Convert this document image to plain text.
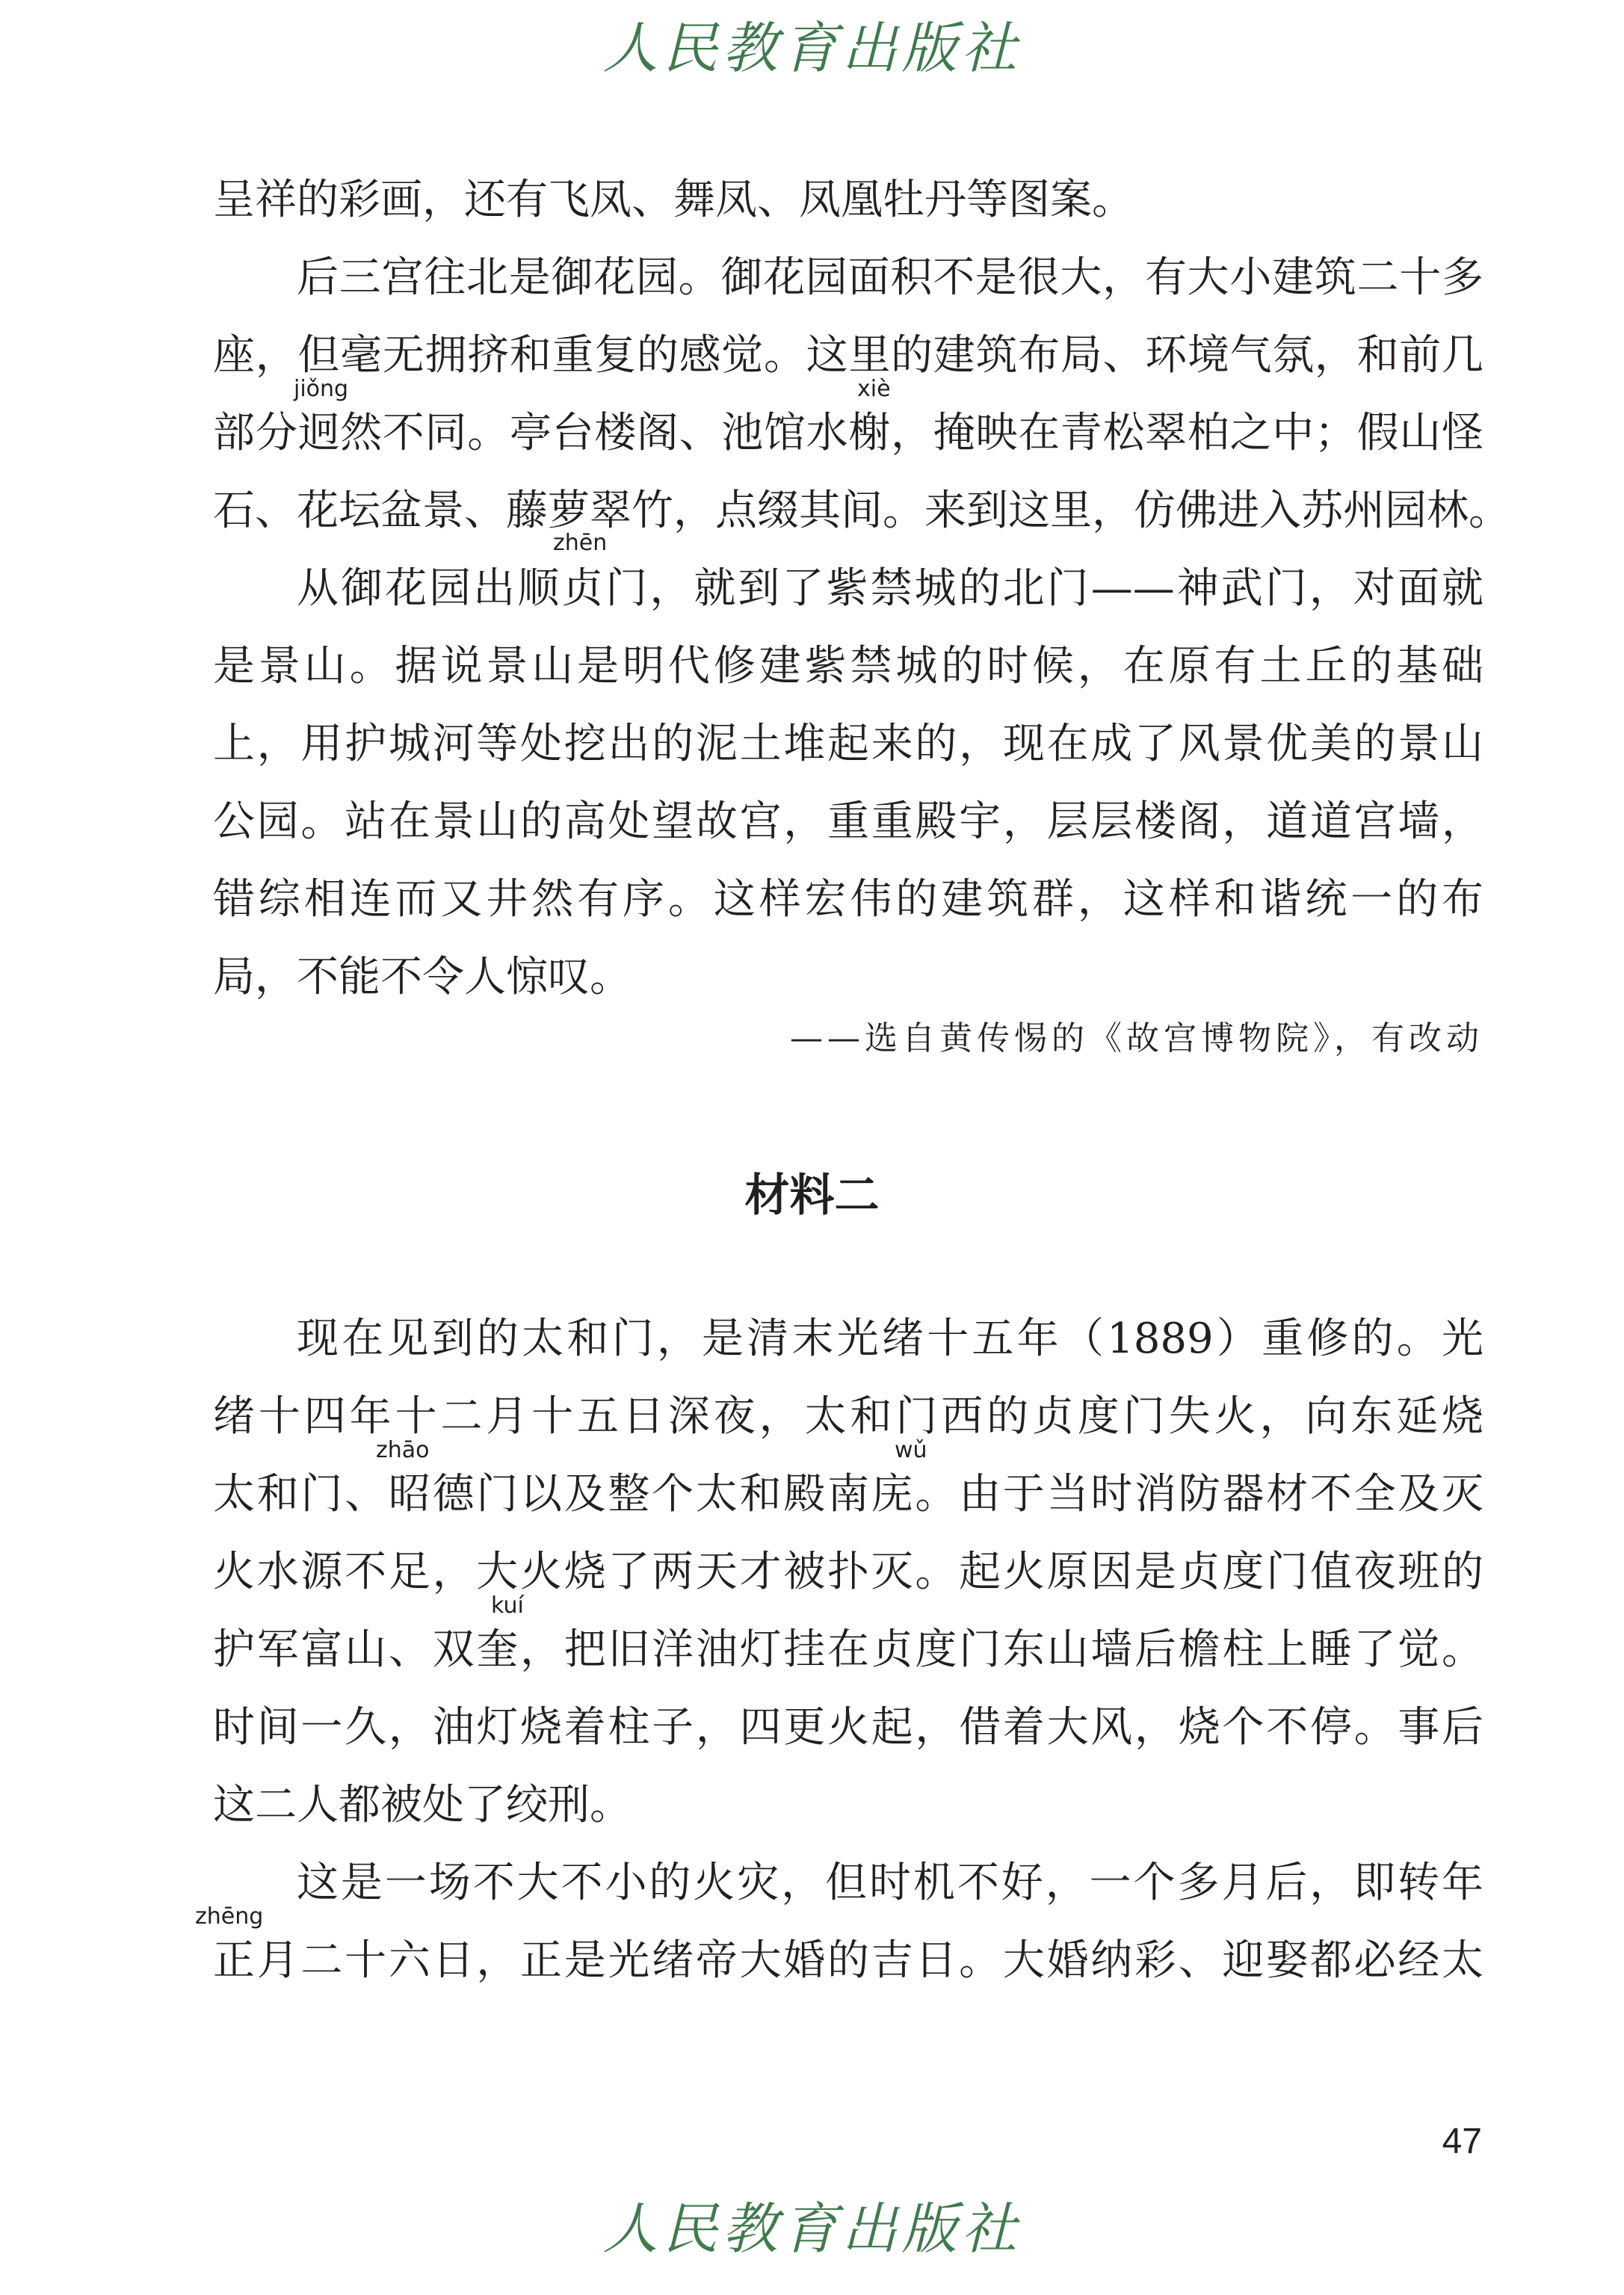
人民教育出版社
呈祥的彩画，还有飞凤、舞凤、凤凰牡丹等图案。
后三宫往北是御花园。御花园面积不是很大，有大小建筑二十多
座，但毫无拥挤和重复的感觉。这里的建筑布局、环境气氛，和前几
jiǒng	xiè
部分迥然不同。亭台楼阁、池馆水榭，掩映在青松翠柏之中；假山怪
石、花坛盆景、藤萝翠竹，点缀其间。来到这里，仿佛进入苏州园林。
zhēn
从御花园出顺贞门，就到了紫禁城的北门——神武门，对面就
是景山。据说景山是明代修建紫禁城的时候，在原有土丘的基础
上，用护城河等处挖出的泥土堆起来的，现在成了风景优美的景山
公园。站在景山的高处望故宫，重重殿宇，层层楼阁，道道宫墙，
错综相连而又井然有序。这样宏伟的建筑群，这样和谐统一的布
局，不能不令人惊叹。
——选自黄传惕的《故宫博物院》，有改动
材料二
现在见到的太和门，是清末光绪十五年（1889）重修的。光
绪十四年十二月十五日深夜，太和门西的贞度门失火，向东延烧
zhāo	wǔ
太和门、昭德门以及整个太和殿南庑。由于当时消防器材不全及灭
火水源不足，大火烧了两天才被扑灭。起火原因是贞度门值夜班的
kuí
护军富山、双奎，把旧洋油灯挂在贞度门东山墙后檐柱上睡了觉。
时间一久，油灯烧着柱子，四更火起，借着大风，烧个不停。事后
这二人都被处了绞刑。
这是一场不大不小的火灾，但时机不好，一个多月后，即转年
zhēng
正月二十六日，正是光绪帝大婚的吉日。大婚纳彩、迎娶都必经太
47
人民教育出版社
